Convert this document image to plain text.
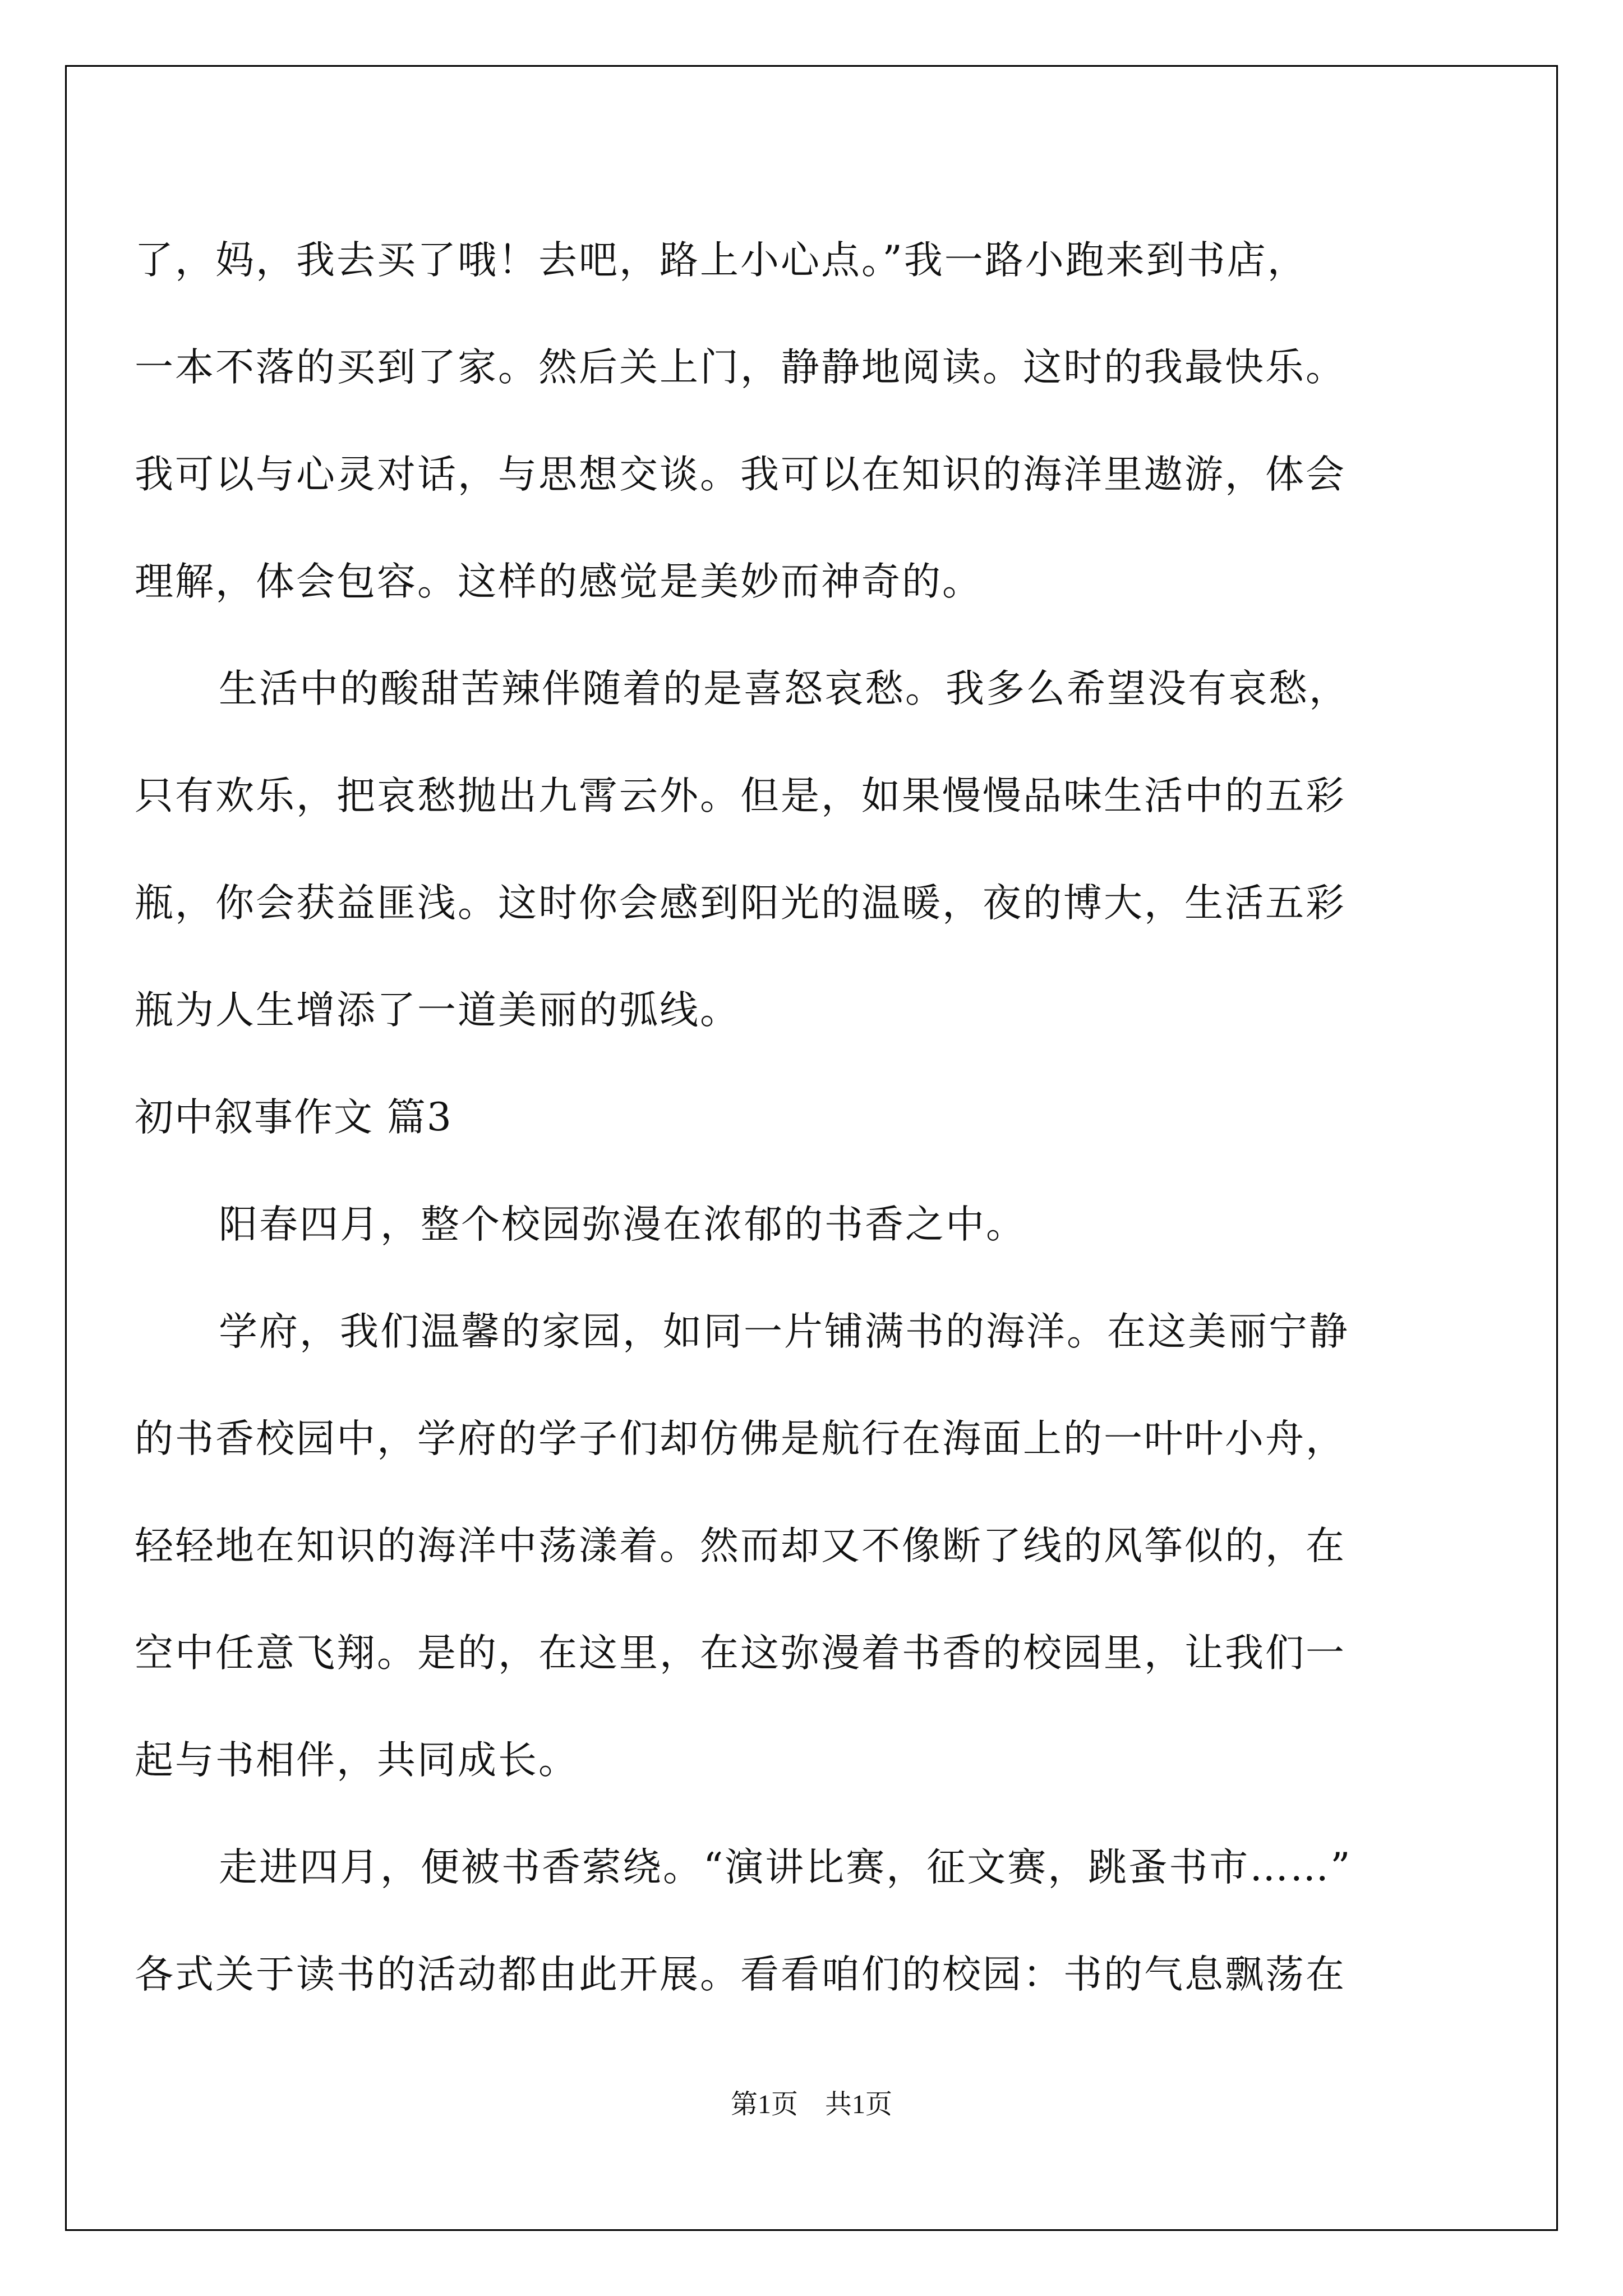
了，妈，我去买了哦！去吧，路上小心点。”我一路小跑来到书店，
一本不落的买到了家。然后关上门，静静地阅读。这时的我最快乐。
我可以与心灵对话，与思想交谈。我可以在知识的海洋里遨游，体会
理解，体会包容。这样的感觉是美妙而神奇的。
生活中的酸甜苦辣伴随着的是喜怒哀愁。我多么希望没有哀愁，
只有欢乐，把哀愁抛出九霄云外。但是，如果慢慢品味生活中的五彩
瓶，你会获益匪浅。这时你会感到阳光的温暖，夜的博大，生活五彩
瓶为人生增添了一道美丽的弧线。
初中叙事作文 篇3
阳春四月，整个校园弥漫在浓郁的书香之中。
学府，我们温馨的家园，如同一片铺满书的海洋。在这美丽宁静
的书香校园中，学府的学子们却仿佛是航行在海面上的一叶叶小舟，
轻轻地在知识的海洋中荡漾着。然而却又不像断了线的风筝似的，在
空中任意飞翔。是的，在这里，在这弥漫着书香的校园里，让我们一
起与书相伴，共同成长。
走进四月，便被书香萦绕。“演讲比赛，征文赛，跳蚤书市……”
各式关于读书的活动都由此开展。看看咱们的校园：书的气息飘荡在
第1页　共1页
